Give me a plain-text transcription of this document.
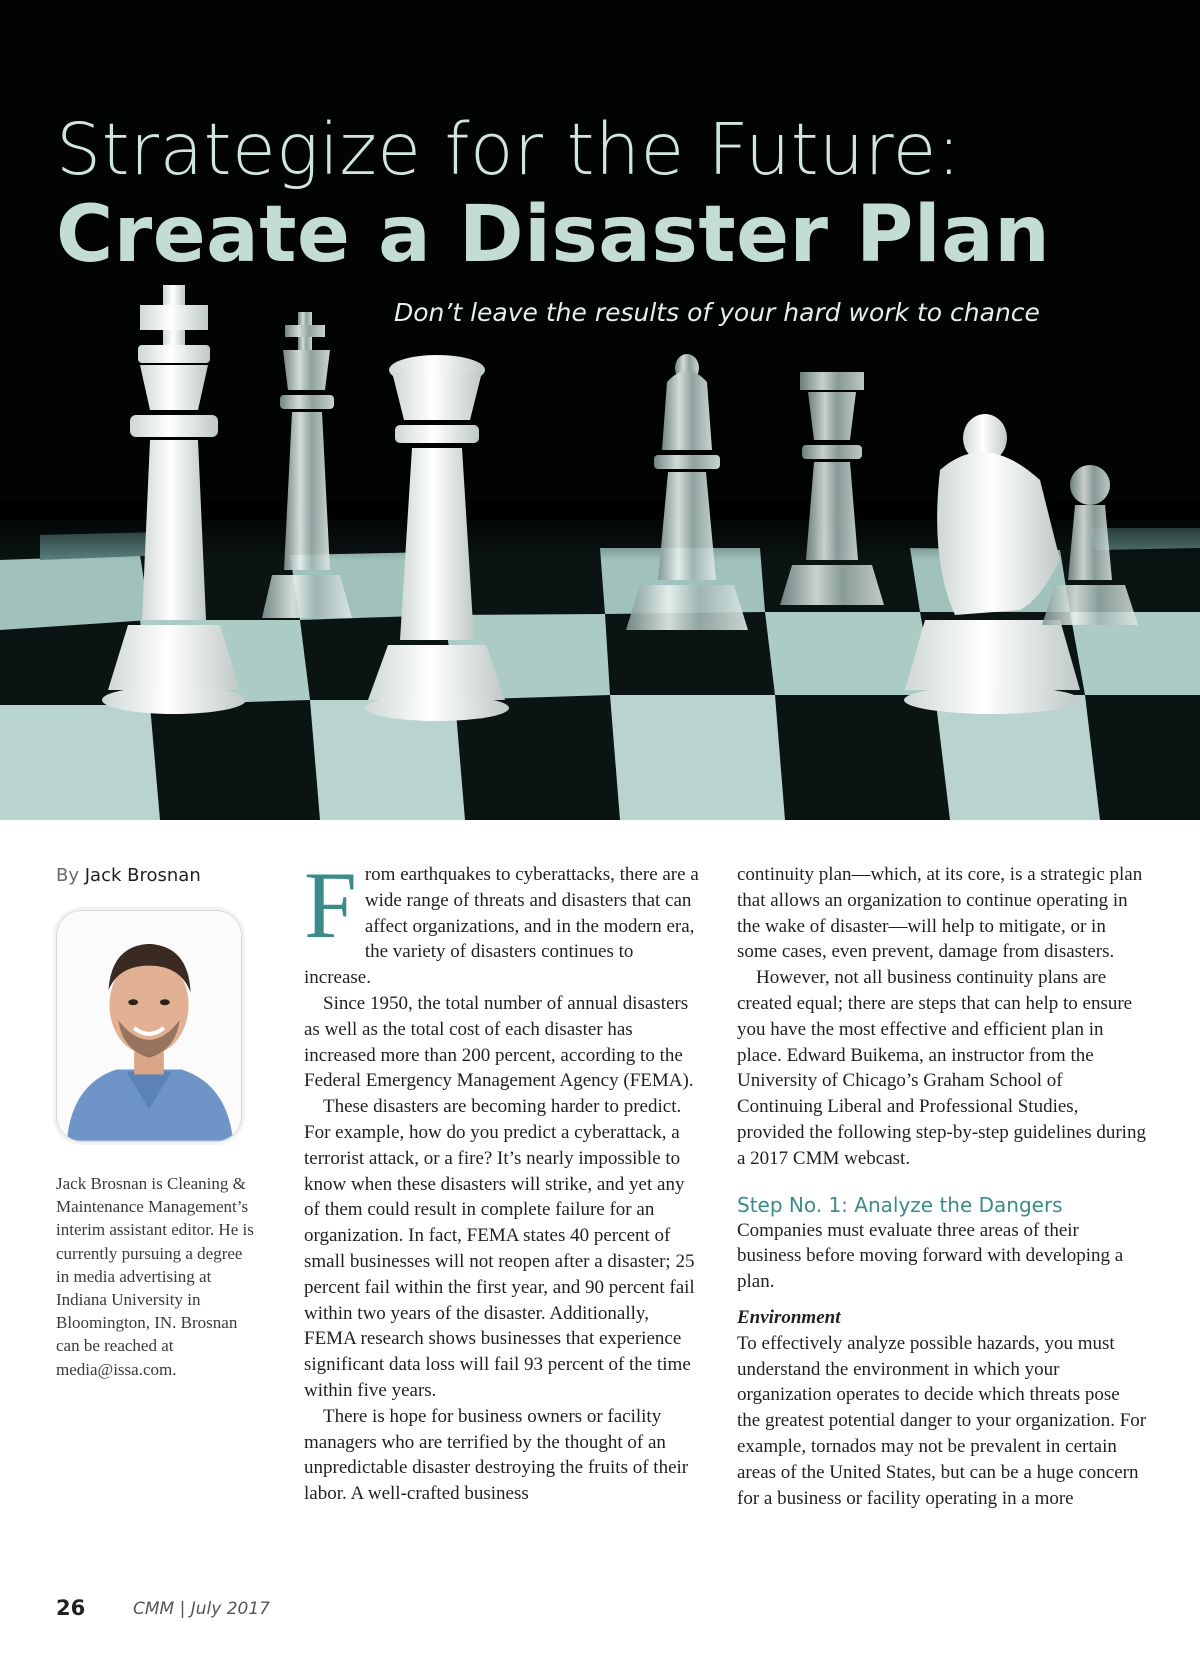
Strategize for the Future:
Create a Disaster Plan
Don’t leave the results of your hard work to chance
By Jack Brosnan
Jack Brosnan is Cleaning & Maintenance Management’s interim assistant editor. He is currently pursuing a degree in media advertising at Indiana University in Bloomington, IN. Brosnan can be reached at media@issa.com.

From earthquakes to cyberattacks, there are a wide range of threats and disasters that can affect organizations, and in the modern era, the variety of disasters continues to increase.

Since 1950, the total number of annual disasters as well as the total cost of each disaster has increased more than 200 percent, according to the Federal Emergency Management Agency (FEMA).

These disasters are becoming harder to predict. For example, how do you predict a cyberattack, a terrorist attack, or a fire? It’s nearly impossible to know when these disasters will strike, and yet any of them could result in complete failure for an organization. In fact, FEMA states 40 percent of small businesses will not reopen after a disaster; 25 percent fail within the first year, and 90 percent fail within two years of the disaster. Additionally, FEMA research shows businesses that experience significant data loss will fail 93 percent of the time within five years.

There is hope for business owners or facility managers who are terrified by the thought of an unpredictable disaster destroying the fruits of their labor. A well-crafted business

continuity plan—which, at its core, is a strategic plan that allows an organization to continue operating in the wake of disaster—will help to mitigate, or in some cases, even prevent, damage from disasters.

However, not all business continuity plans are created equal; there are steps that can help to ensure you have the most effective and efficient plan in place. Edward Buikema, an instructor from the University of Chicago’s Graham School of Continuing Liberal and Professional Studies, provided the following step-by-step guidelines during a 2017 CMM webcast.

Step No. 1: Analyze the Dangers

Companies must evaluate three areas of their business before moving forward with developing a plan.

Environment

To effectively analyze possible hazards, you must understand the environment in which your organization operates to decide which threats pose the greatest potential danger to your organization. For example, tornados may not be prevalent in certain areas of the United States, but can be a huge concern for a business or facility operating in a more

26	CMM | July 2017
